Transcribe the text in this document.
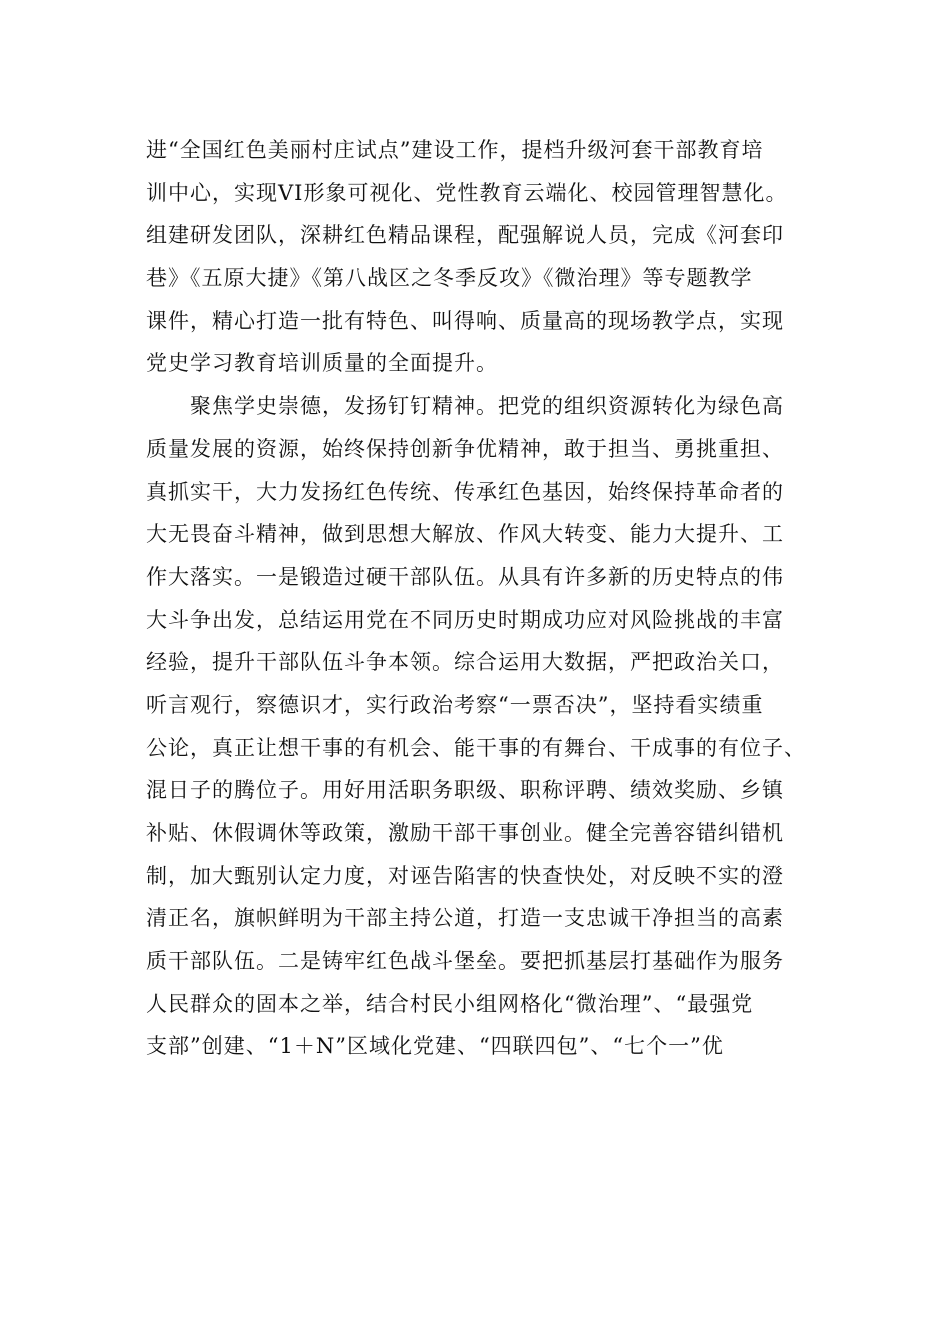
进“全国红色美丽村庄试点”建设工作，提档升级河套干部教育培
训中心，实现VI形象可视化、党性教育云端化、校园管理智慧化。
组建研发团队，深耕红色精品课程，配强解说人员，完成《河套印
巷》《五原大捷》《第八战区之冬季反攻》《微治理》等专题教学
课件，精心打造一批有特色、叫得响、质量高的现场教学点，实现
党史学习教育培训质量的全面提升。
　　聚焦学史崇德，发扬钉钉精神。把党的组织资源转化为绿色高
质量发展的资源，始终保持创新争优精神，敢于担当、勇挑重担、
真抓实干，大力发扬红色传统、传承红色基因，始终保持革命者的
大无畏奋斗精神，做到思想大解放、作风大转变、能力大提升、工
作大落实。一是锻造过硬干部队伍。从具有许多新的历史特点的伟
大斗争出发，总结运用党在不同历史时期成功应对风险挑战的丰富
经验，提升干部队伍斗争本领。综合运用大数据，严把政治关口，
听言观行，察德识才，实行政治考察“一票否决”，坚持看实绩重
公论，真正让想干事的有机会、能干事的有舞台、干成事的有位子、
混日子的腾位子。用好用活职务职级、职称评聘、绩效奖励、乡镇
补贴、休假调休等政策，激励干部干事创业。健全完善容错纠错机
制，加大甄别认定力度，对诬告陷害的快查快处，对反映不实的澄
清正名，旗帜鲜明为干部主持公道，打造一支忠诚干净担当的高素
质干部队伍。二是铸牢红色战斗堡垒。要把抓基层打基础作为服务
人民群众的固本之举，结合村民小组网格化“微治理”、“最强党
支部”创建、“1＋N”区域化党建、“四联四包”、“七个一”优
